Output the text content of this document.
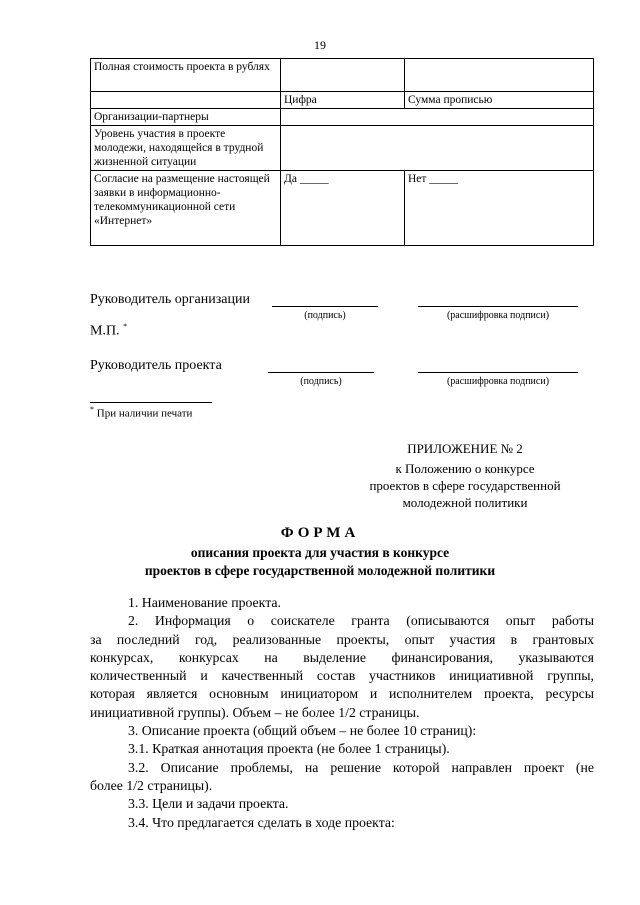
19
Полная стоимость проекта в рублях		
	Цифра	Сумма прописью
Организации-партнеры		
Уровень участия в проекте молодежи, находящейся в трудной жизненной ситуации		
Согласие на размещение настоящей заявки в информационно-телекоммуникационной сети «Интернет»	Да _____	Нет _____
Руководитель организации
(подпись)	(расшифровка подписи)
М.П. *
Руководитель проекта
(подпись)	(расшифровка подписи)
* При наличии печати
ПРИЛОЖЕНИЕ № 2
к Положению о конкурсе
проектов в сфере государственной
молодежной политики
ФОРМА
описания проекта для участия в конкурсе
проектов в сфере государственной молодежной политики

1. Наименование проекта.

2. Информация о соискателе гранта (описываются опыт работы

за последний год, реализованные проекты, опыт участия в грантовых

конкурсах, конкурсах на выделение финансирования, указываются

количественный и качественный состав участников инициативной группы,

которая является основным инициатором и исполнителем проекта, ресурсы

инициативной группы). Объем – не более 1/2 страницы.

3. Описание проекта (общий объем – не более 10 страниц):

3.1. Краткая аннотация проекта (не более 1 страницы).

3.2. Описание проблемы, на решение которой направлен проект (не

более 1/2 страницы).

3.3. Цели и задачи проекта.

3.4. Что предлагается сделать в ходе проекта:
